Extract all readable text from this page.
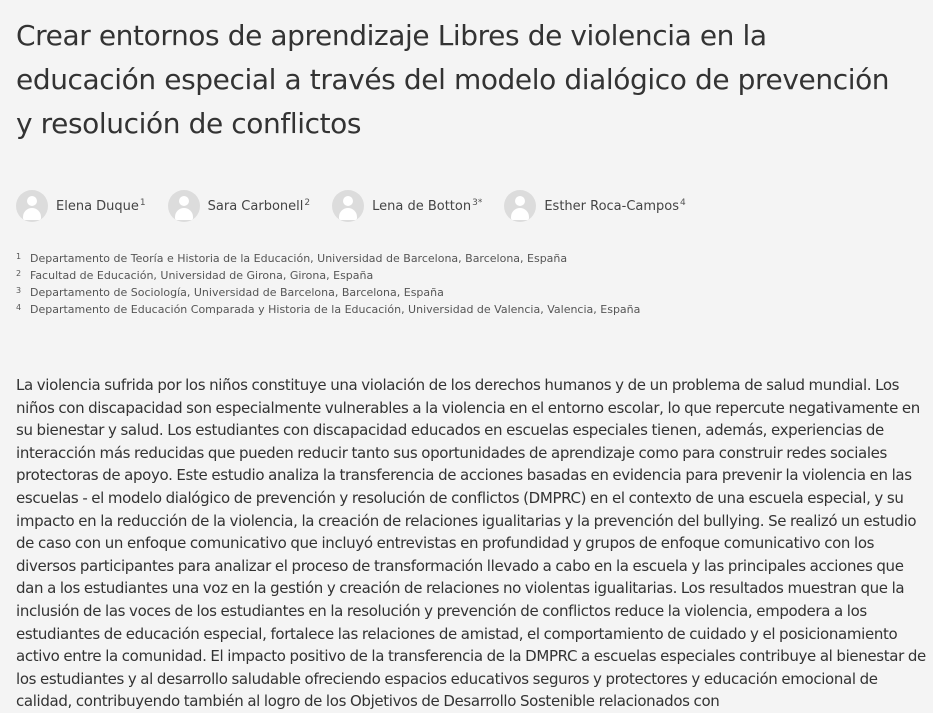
Crear entornos de aprendizaje Libres de violencia en la educación especial a través del modelo dialógico de prevención y resolución de conflictos
Elena Duque 1	Sara Carbonell 2	Lena de Botton 3*	Esther Roca-Campos 4
1 Departamento de Teoría e Historia de la Educación, Universidad de Barcelona, Barcelona, España
2 Facultad de Educación, Universidad de Girona, Girona, España
3 Departamento de Sociología, Universidad de Barcelona, Barcelona, España
4 Departamento de Educación Comparada y Historia de la Educación, Universidad de Valencia, Valencia, España

La violencia sufrida por los niños constituye una violación de los derechos humanos y de un problema de salud mundial. Los niños con discapacidad son especialmente vulnerables a la violencia en el entorno escolar, lo que repercute negativamente en su bienestar y salud. Los estudiantes con discapacidad educados en escuelas especiales tienen, además, experiencias de interacción más reducidas que pueden reducir tanto sus oportunidades de aprendizaje como para construir redes sociales protectoras de apoyo. Este estudio analiza la transferencia de acciones basadas en evidencia para prevenir la violencia en las escuelas - el modelo dialógico de prevención y resolución de conflictos (DMPRC) en el contexto de una escuela especial, y su impacto en la reducción de la violencia, la creación de relaciones igualitarias y la prevención del bullying. Se realizó un estudio de caso con un enfoque comunicativo que incluyó entrevistas en profundidad y grupos de enfoque comunicativo con los diversos participantes para analizar el proceso de transformación llevado a cabo en la escuela y las principales acciones que dan a los estudiantes una voz en la gestión y creación de relaciones no violentas igualitarias. Los resultados muestran que la inclusión de las voces de los estudiantes en la resolución y prevención de conflictos reduce la violencia, empodera a los estudiantes de educación especial, fortalece las relaciones de amistad, el comportamiento de cuidado y el posicionamiento activo entre la comunidad. El impacto positivo de la transferencia de la DMPRC a escuelas especiales contribuye al bienestar de los estudiantes y al desarrollo saludable ofreciendo espacios educativos seguros y protectores y educación emocional de calidad, contribuyendo también al logro de los Objetivos de Desarrollo Sostenible relacionados con
